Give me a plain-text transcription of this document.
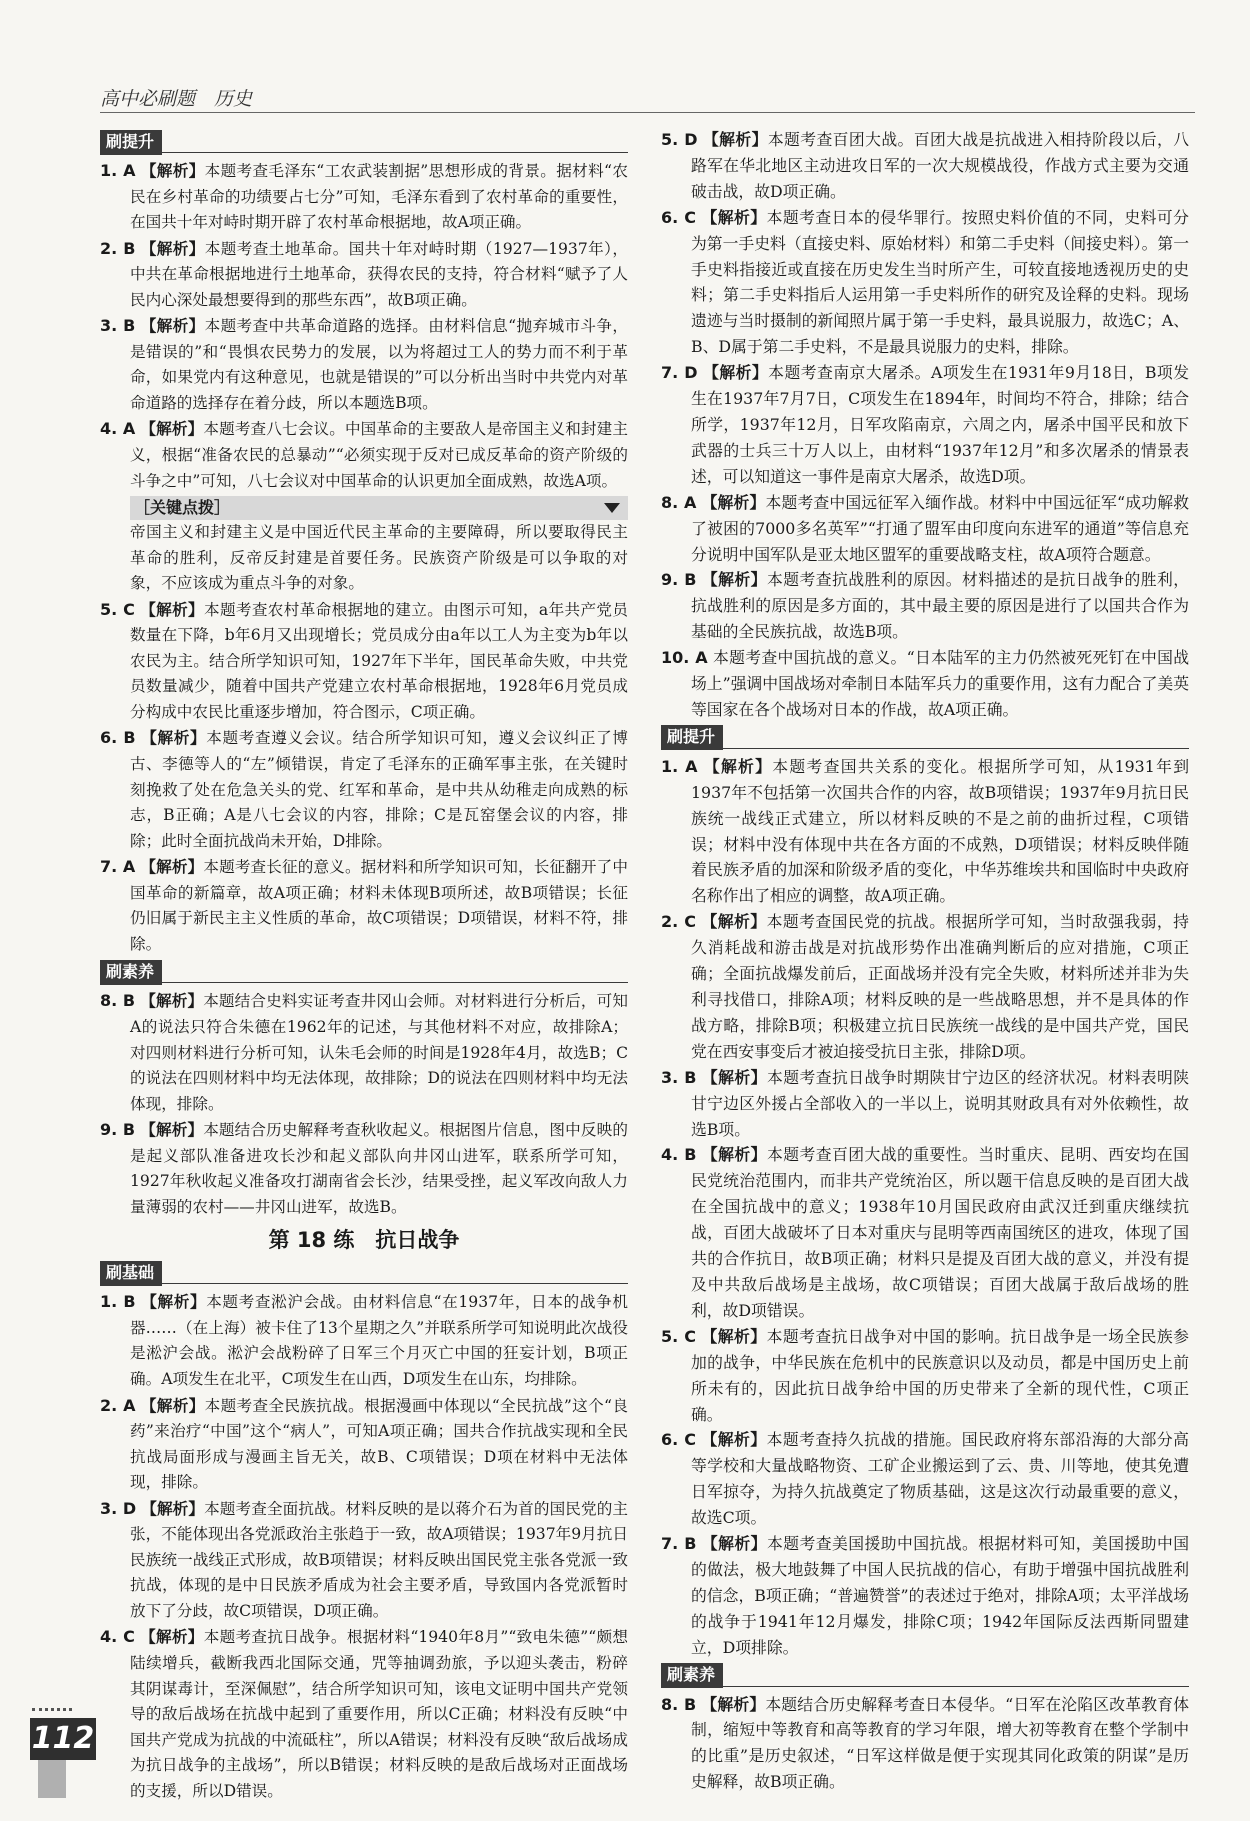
高中必刷题　历史
刷提升

1. A 【解析】本题考查毛泽东“工农武装割据”思想形成的背景。据材料“农民在乡村革命的功绩要占七分”可知，毛泽东看到了农村革命的重要性，在国共十年对峙时期开辟了农村革命根据地，故A项正确。

2. B 【解析】本题考查土地革命。国共十年对峙时期（1927—1937年），中共在革命根据地进行土地革命，获得农民的支持，符合材料“赋予了人民内心深处最想要得到的那些东西”，故B项正确。

3. B 【解析】本题考查中共革命道路的选择。由材料信息“抛弃城市斗争，是错误的”和“畏惧农民势力的发展，以为将超过工人的势力而不利于革命，如果党内有这种意见，也就是错误的”可以分析出当时中共党内对革命道路的选择存在着分歧，所以本题选B项。

4. A 【解析】本题考查八七会议。中国革命的主要敌人是帝国主义和封建主义，根据“准备农民的总暴动”“必须实现于反对已成反革命的资产阶级的斗争之中”可知，八七会议对中国革命的认识更加全面成熟，故选A项。

［关键点拨］

帝国主义和封建主义是中国近代民主革命的主要障碍，所以要取得民主革命的胜利，反帝反封建是首要任务。民族资产阶级是可以争取的对象，不应该成为重点斗争的对象。

5. C 【解析】本题考查农村革命根据地的建立。由图示可知，a年共产党员数量在下降，b年6月又出现增长；党员成分由a年以工人为主变为b年以农民为主。结合所学知识可知，1927年下半年，国民革命失败，中共党员数量减少，随着中国共产党建立农村革命根据地，1928年6月党员成分构成中农民比重逐步增加，符合图示，C项正确。

6. B 【解析】本题考查遵义会议。结合所学知识可知，遵义会议纠正了博古、李德等人的“左”倾错误，肯定了毛泽东的正确军事主张，在关键时刻挽救了处在危急关头的党、红军和革命，是中共从幼稚走向成熟的标志，B正确；A是八七会议的内容，排除；C是瓦窑堡会议的内容，排除；此时全面抗战尚未开始，D排除。

7. A 【解析】本题考查长征的意义。据材料和所学知识可知，长征翻开了中国革命的新篇章，故A项正确；材料未体现B项所述，故B项错误；长征仍旧属于新民主主义性质的革命，故C项错误；D项错误，材料不符，排除。

刷素养

8. B 【解析】本题结合史料实证考查井冈山会师。对材料进行分析后，可知A的说法只符合朱德在1962年的记述，与其他材料不对应，故排除A；对四则材料进行分析可知，认朱毛会师的时间是1928年4月，故选B；C的说法在四则材料中均无法体现，故排除；D的说法在四则材料中均无法体现，排除。

9. B 【解析】本题结合历史解释考查秋收起义。根据图片信息，图中反映的是起义部队准备进攻长沙和起义部队向井冈山进军，联系所学可知，1927年秋收起义准备攻打湖南省会长沙，结果受挫，起义军改向敌人力量薄弱的农村——井冈山进军，故选B。

第 18 练　抗日战争
刷基础

1. B 【解析】本题考查淞沪会战。由材料信息“在1937年，日本的战争机器……（在上海）被卡住了13个星期之久”并联系所学可知说明此次战役是淞沪会战。淞沪会战粉碎了日军三个月灭亡中国的狂妄计划，B项正确。A项发生在北平，C项发生在山西，D项发生在山东，均排除。

2. A 【解析】本题考查全民族抗战。根据漫画中体现以“全民抗战”这个“良药”来治疗“中国”这个“病人”，可知A项正确；国共合作抗战实现和全民抗战局面形成与漫画主旨无关，故B、C项错误；D项在材料中无法体现，排除。

3. D 【解析】本题考查全面抗战。材料反映的是以蒋介石为首的国民党的主张，不能体现出各党派政治主张趋于一致，故A项错误；1937年9月抗日民族统一战线正式形成，故B项错误；材料反映出国民党主张各党派一致抗战，体现的是中日民族矛盾成为社会主要矛盾，导致国内各党派暂时放下了分歧，故C项错误，D项正确。

4. C 【解析】本题考查抗日战争。根据材料“1940年8月”“致电朱德”“颇想陆续增兵，截断我西北国际交通，咒等抽调劲旅，予以迎头袭击，粉碎其阴谋毒计，至深佩慰”，结合所学知识可知，该电文证明中国共产党领导的敌后战场在抗战中起到了重要作用，所以C正确；材料没有反映“中国共产党成为抗战的中流砥柱”，所以A错误；材料没有反映“敌后战场成为抗日战争的主战场”，所以B错误；材料反映的是敌后战场对正面战场的支援，所以D错误。

5. D 【解析】本题考查百团大战。百团大战是抗战进入相持阶段以后，八路军在华北地区主动进攻日军的一次大规模战役，作战方式主要为交通破击战，故D项正确。

6. C 【解析】本题考查日本的侵华罪行。按照史料价值的不同，史料可分为第一手史料（直接史料、原始材料）和第二手史料（间接史料）。第一手史料指接近或直接在历史发生当时所产生，可较直接地透视历史的史料；第二手史料指后人运用第一手史料所作的研究及诠释的史料。现场遗迹与当时摄制的新闻照片属于第一手史料，最具说服力，故选C；A、B、D属于第二手史料，不是最具说服力的史料，排除。

7. D 【解析】本题考查南京大屠杀。A项发生在1931年9月18日，B项发生在1937年7月7日，C项发生在1894年，时间均不符合，排除；结合所学，1937年12月，日军攻陷南京，六周之内，屠杀中国平民和放下武器的士兵三十万人以上，由材料“1937年12月”和多次屠杀的情景表述，可以知道这一事件是南京大屠杀，故选D项。

8. A 【解析】本题考查中国远征军入缅作战。材料中中国远征军“成功解救了被困的7000多名英军”“打通了盟军由印度向东进军的通道”等信息充分说明中国军队是亚太地区盟军的重要战略支柱，故A项符合题意。

9. B 【解析】本题考查抗战胜利的原因。材料描述的是抗日战争的胜利，抗战胜利的原因是多方面的，其中最主要的原因是进行了以国共合作为基础的全民族抗战，故选B项。

10. A 本题考查中国抗战的意义。“日本陆军的主力仍然被死死钉在中国战场上”强调中国战场对牵制日本陆军兵力的重要作用，这有力配合了美英等国家在各个战场对日本的作战，故A项正确。

刷提升

1. A 【解析】本题考查国共关系的变化。根据所学可知，从1931年到1937年不包括第一次国共合作的内容，故B项错误；1937年9月抗日民族统一战线正式建立，所以材料反映的不是之前的曲折过程，C项错误；材料中没有体现中共在各方面的不成熟，D项错误；材料反映伴随着民族矛盾的加深和阶级矛盾的变化，中华苏维埃共和国临时中央政府名称作出了相应的调整，故A项正确。

2. C 【解析】本题考查国民党的抗战。根据所学可知，当时敌强我弱，持久消耗战和游击战是对抗战形势作出准确判断后的应对措施，C项正确；全面抗战爆发前后，正面战场并没有完全失败，材料所述并非为失利寻找借口，排除A项；材料反映的是一些战略思想，并不是具体的作战方略，排除B项；积极建立抗日民族统一战线的是中国共产党，国民党在西安事变后才被迫接受抗日主张，排除D项。

3. B 【解析】本题考查抗日战争时期陕甘宁边区的经济状况。材料表明陕甘宁边区外援占全部收入的一半以上，说明其财政具有对外依赖性，故选B项。

4. B 【解析】本题考查百团大战的重要性。当时重庆、昆明、西安均在国民党统治范围内，而非共产党统治区，所以题干信息反映的是百团大战在全国抗战中的意义；1938年10月国民政府由武汉迁到重庆继续抗战，百团大战破坏了日本对重庆与昆明等西南国统区的进攻，体现了国共的合作抗日，故B项正确；材料只是提及百团大战的意义，并没有提及中共敌后战场是主战场，故C项错误；百团大战属于敌后战场的胜利，故D项错误。

5. C 【解析】本题考查抗日战争对中国的影响。抗日战争是一场全民族参加的战争，中华民族在危机中的民族意识以及动员，都是中国历史上前所未有的，因此抗日战争给中国的历史带来了全新的现代性，C项正确。

6. C 【解析】本题考查持久抗战的措施。国民政府将东部沿海的大部分高等学校和大量战略物资、工矿企业搬运到了云、贵、川等地，使其免遭日军掠夺，为持久抗战奠定了物质基础，这是这次行动最重要的意义，故选C项。

7. B 【解析】本题考查美国援助中国抗战。根据材料可知，美国援助中国的做法，极大地鼓舞了中国人民抗战的信心，有助于增强中国抗战胜利的信念，B项正确；“普遍赞誉”的表述过于绝对，排除A项；太平洋战场的战争于1941年12月爆发，排除C项；1942年国际反法西斯同盟建立，D项排除。

刷素养

8. B 【解析】本题结合历史解释考查日本侵华。“日军在沦陷区改革教育体制，缩短中等教育和高等教育的学习年限，增大初等教育在整个学制中的比重”是历史叙述，“日军这样做是便于实现其同化政策的阴谋”是历史解释，故B项正确。

112
